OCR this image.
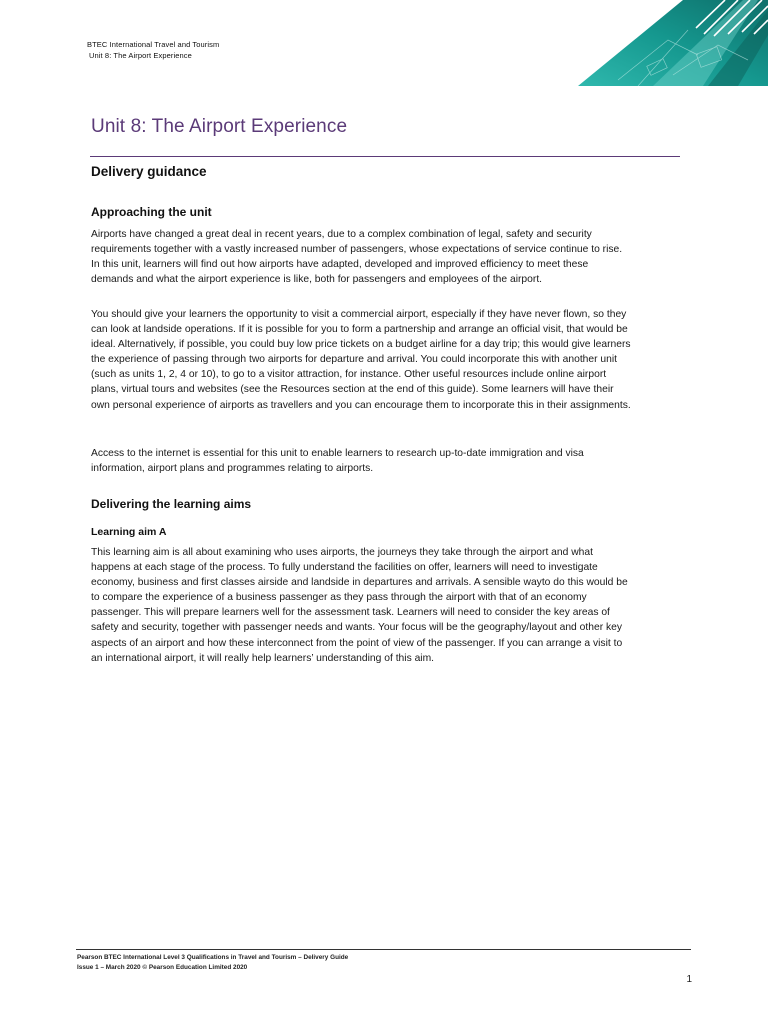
BTEC International Travel and Tourism
Unit 8: The Airport Experience
Unit 8: The Airport Experience
Delivery guidance
Approaching the unit

Airports have changed a great deal in recent years, due to a complex combination of legal, safety and security requirements together with a vastly increased number of passengers, whose expectations of service continue to rise. In this unit, learners will find out how airports have adapted, developed and improved efficiency to meet these demands and what the airport experience is like, both for passengers and employees of the airport.

You should give your learners the opportunity to visit a commercial airport, especially if they have never flown, so they can look at landside operations. If it is possible for you to form a partnership and arrange an official visit, that would be ideal. Alternatively, if possible, you could buy low price tickets on a budget airline for a day trip; this would give learners the experience of passing through two airports for departure and arrival. You could incorporate this with another unit (such as units 1, 2, 4 or 10), to go to a visitor attraction, for instance. Other useful resources include online airport plans, virtual tours and websites (see the Resources section at the end of this guide). Some learners will have their own personal experience of airports as travellers and you can encourage them to incorporate this in their assignments.

Access to the internet is essential for this unit to enable learners to research up-to-date immigration and visa information, airport plans and programmes relating to airports.

Delivering the learning aims
Learning aim A

This learning aim is all about examining who uses airports, the journeys they take through the airport and what happens at each stage of the process. To fully understand the facilities on offer, learners will need to investigate economy, business and first classes airside and landside in departures and arrivals. A sensible wayto do this would be to compare the experience of a business passenger as they pass through the airport with that of an economy passenger. This will prepare learners well for the assessment task. Learners will need to consider the key areas of safety and security, together with passenger needs and wants. Your focus will be the geography/layout and other key aspects of an airport and how these interconnect from the point of view of the passenger. If you can arrange a visit to an international airport, it will really help learners’ understanding of this aim.

Pearson BTEC International Level 3 Qualifications in Travel and Tourism – Delivery Guide
Issue 1 – March 2020 © Pearson Education Limited 2020
1
